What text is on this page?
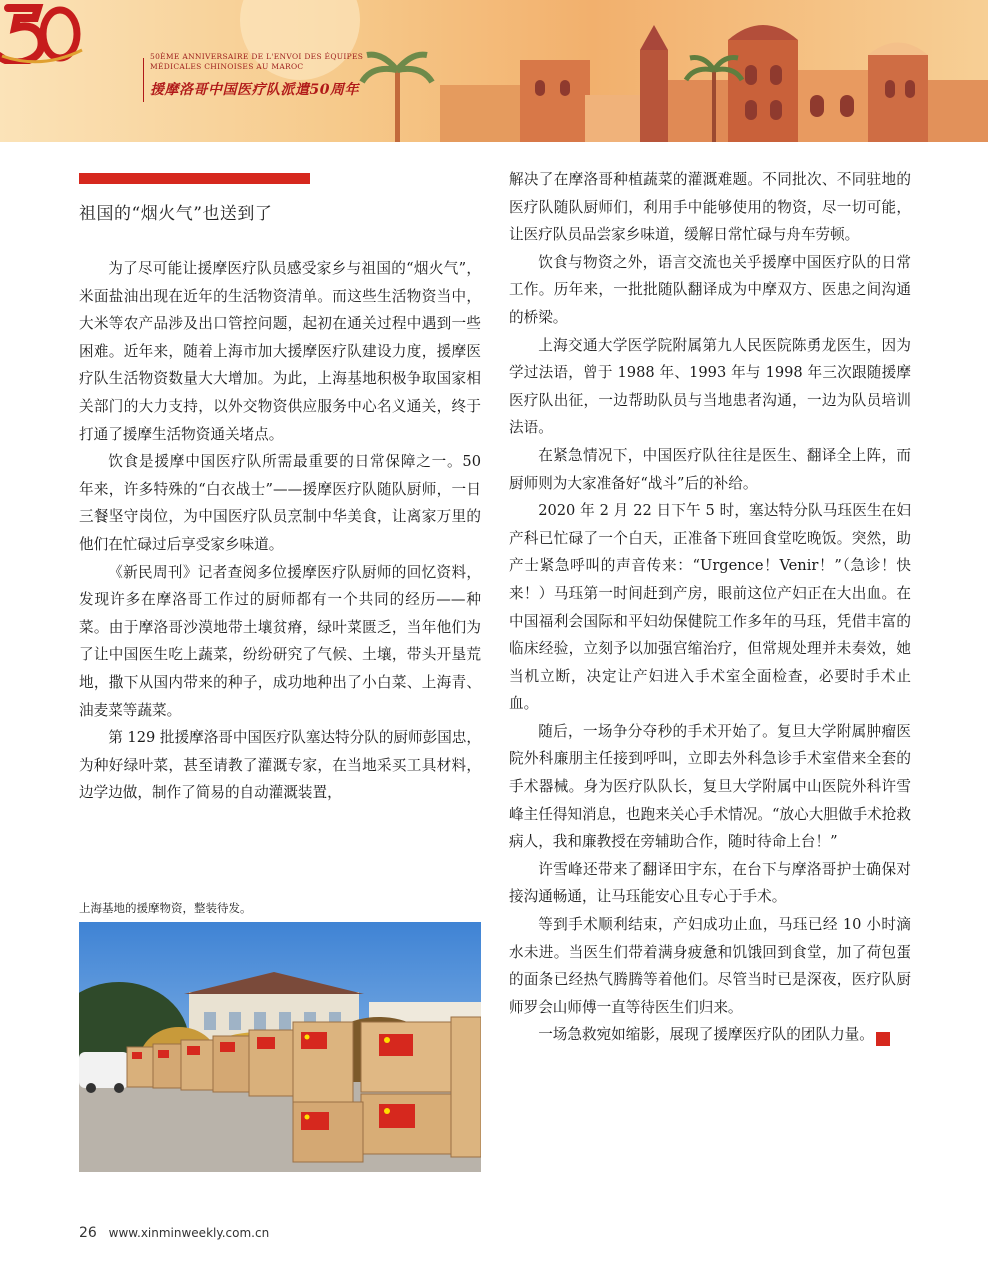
50ÈME ANNIVERSAIRE DE L'ENVOI DES ÉQUIPES MÉDICALES CHINOISES AU MAROC
援摩洛哥中国医疗队派遣50周年
祖国的“烟火气”也送到了

为了尽可能让援摩医疗队员感受家乡与祖国的“烟火气”，米面盐油出现在近年的生活物资清单。而这些生活物资当中，大米等农产品涉及出口管控问题，起初在通关过程中遇到一些困难。近年来，随着上海市加大援摩医疗队建设力度，援摩医疗队生活物资数量大大增加。为此，上海基地积极争取国家相关部门的大力支持，以外交物资供应服务中心名义通关，终于打通了援摩生活物资通关堵点。

饮食是援摩中国医疗队所需最重要的日常保障之一。50 年来，许多特殊的“白衣战士”——援摩医疗队随队厨师，一日三餐坚守岗位，为中国医疗队员烹制中华美食，让离家万里的他们在忙碌过后享受家乡味道。

《新民周刊》记者查阅多位援摩医疗队厨师的回忆资料，发现许多在摩洛哥工作过的厨师都有一个共同的经历——种菜。由于摩洛哥沙漠地带土壤贫瘠，绿叶菜匮乏，当年他们为了让中国医生吃上蔬菜，纷纷研究了气候、土壤，带头开垦荒地，撒下从国内带来的种子，成功地种出了小白菜、上海青、油麦菜等蔬菜。

第 129 批援摩洛哥中国医疗队塞达特分队的厨师彭国忠，为种好绿叶菜，甚至请教了灌溉专家，在当地采买工具材料，边学边做，制作了简易的自动灌溉装置，

上海基地的援摩物资，整装待发。

解决了在摩洛哥种植蔬菜的灌溉难题。不同批次、不同驻地的医疗队随队厨师们，利用手中能够使用的物资，尽一切可能，让医疗队员品尝家乡味道，缓解日常忙碌与舟车劳顿。

饮食与物资之外，语言交流也关乎援摩中国医疗队的日常工作。历年来，一批批随队翻译成为中摩双方、医患之间沟通的桥梁。

上海交通大学医学院附属第九人民医院陈勇龙医生，因为学过法语，曾于 1988 年、1993 年与 1998 年三次跟随援摩医疗队出征，一边帮助队员与当地患者沟通，一边为队员培训法语。

在紧急情况下，中国医疗队往往是医生、翻译全上阵，而厨师则为大家准备好“战斗”后的补给。

2020 年 2 月 22 日下午 5 时，塞达特分队马珏医生在妇产科已忙碌了一个白天，正准备下班回食堂吃晚饭。突然，助产士紧急呼叫的声音传来：“Urgence！Venir！”（急诊！快来！）马珏第一时间赶到产房，眼前这位产妇正在大出血。在中国福利会国际和平妇幼保健院工作多年的马珏，凭借丰富的临床经验，立刻予以加强宫缩治疗，但常规处理并未奏效，她当机立断，决定让产妇进入手术室全面检查，必要时手术止血。

随后，一场争分夺秒的手术开始了。复旦大学附属肿瘤医院外科廉朋主任接到呼叫，立即去外科急诊手术室借来全套的手术器械。身为医疗队队长，复旦大学附属中山医院外科许雪峰主任得知消息，也跑来关心手术情况。“放心大胆做手术抢救病人，我和廉教授在旁辅助合作，随时待命上台！”

许雪峰还带来了翻译田宇东，在台下与摩洛哥护士确保对接沟通畅通，让马珏能安心且专心于手术。

等到手术顺利结束，产妇成功止血，马珏已经 10 小时滴水未进。当医生们带着满身疲惫和饥饿回到食堂，加了荷包蛋的面条已经热气腾腾等着他们。尽管当时已是深夜，医疗队厨师罗会山师傅一直等待医生们归来。

一场急救宛如缩影，展现了援摩医疗队的团队力量。	民

26 www.xinminweekly.com.cn
